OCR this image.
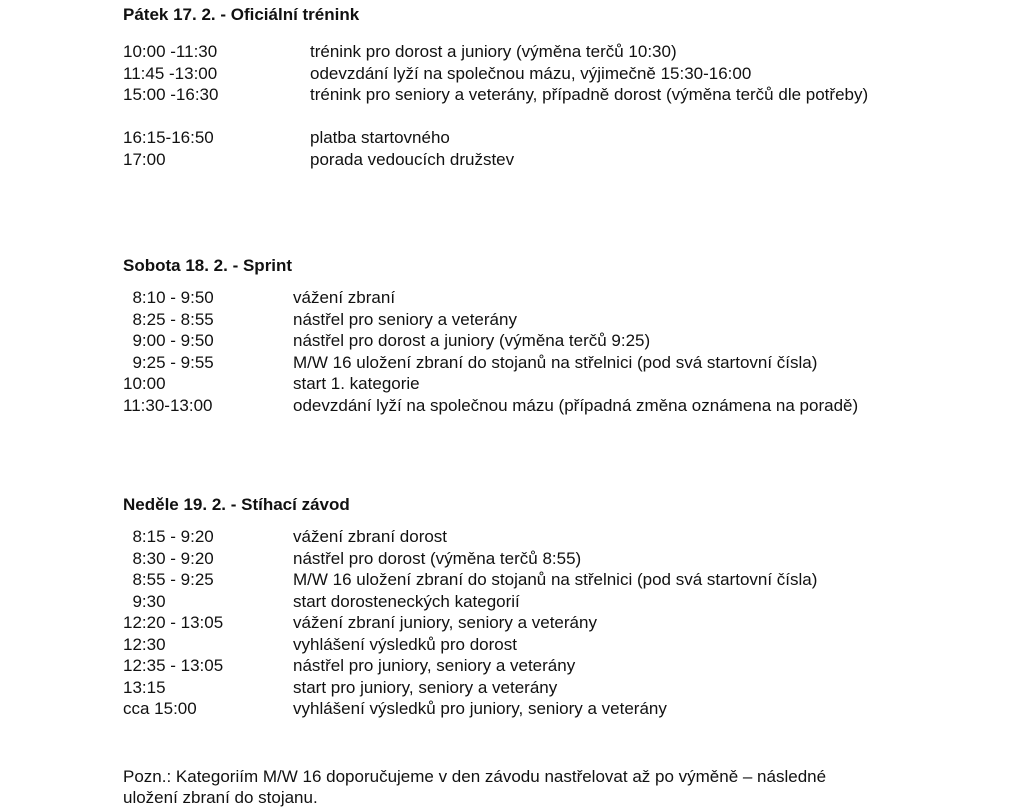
Pátek 17. 2. - Oficiální trénink
10:00 -11:30	trénink pro dorost a juniory (výměna terčů 10:30)
11:45 -13:00	odevzdání lyží na společnou mázu, výjimečně 15:30-16:00
15:00 -16:30	trénink pro seniory a veterány, případně dorost (výměna terčů dle potřeby)
16:15-16:50	platba startovného
17:00	porada vedoucích družstev
Sobota 18. 2. - Sprint
8:10 - 9:50	vážení zbraní
8:25 - 8:55	nástřel pro seniory a veterány
9:00 - 9:50	nástřel pro dorost a juniory (výměna terčů 9:25)
9:25 - 9:55	M/W 16 uložení zbraní do stojanů na střelnici (pod svá startovní čísla)
10:00	start 1. kategorie
11:30-13:00	odevzdání lyží na společnou mázu (případná změna oznámena na poradě)
Neděle 19. 2. - Stíhací závod
8:15 - 9:20	vážení zbraní dorost
8:30 - 9:20	nástřel pro dorost (výměna terčů 8:55)
8:55 - 9:25	M/W 16 uložení zbraní do stojanů na střelnici (pod svá startovní čísla)
9:30	start dorosteneckých kategorií
12:20 - 13:05	vážení zbraní juniory, seniory a veterány
12:30	vyhlášení výsledků pro dorost
12:35 - 13:05	nástřel pro juniory, seniory a veterány
13:15	start pro juniory, seniory a veterány
cca 15:00	vyhlášení výsledků pro juniory, seniory a veterány
Pozn.: Kategoriím M/W 16 doporučujeme v den závodu nastřelovat až po výměně – následné uložení zbraní do stojanu.
